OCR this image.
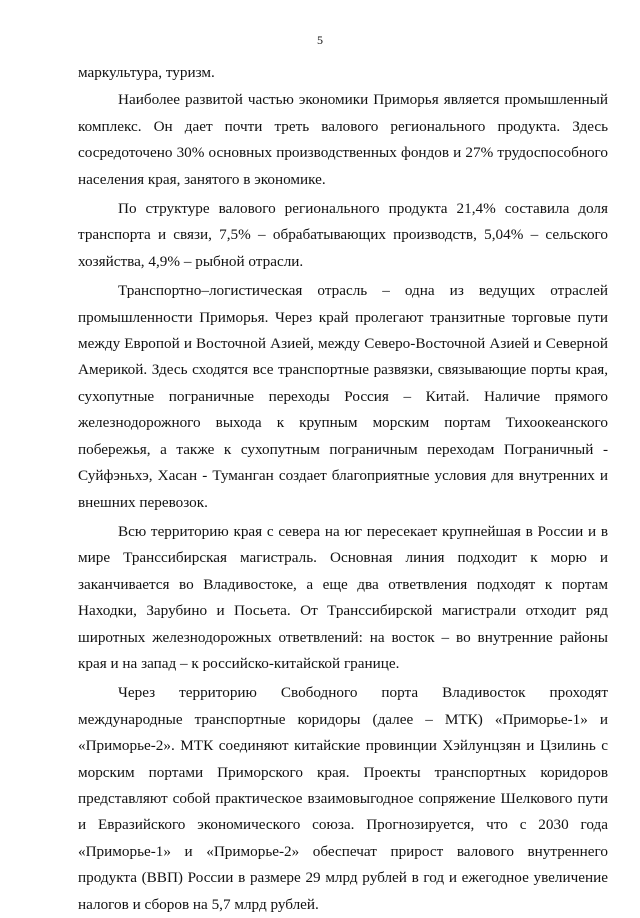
5

маркультура, туризм.

Наиболее развитой частью экономики Приморья является промышленный комплекс. Он дает почти треть валового регионального продукта. Здесь сосредоточено 30% основных производственных фондов и 27% трудоспособного населения края, занятого в экономике.

По структуре валового регионального продукта 21,4% составила доля транспорта и связи, 7,5% – обрабатывающих производств, 5,04% – сельского хозяйства, 4,9% – рыбной отрасли.

Транспортно–логистическая отрасль – одна из ведущих отраслей промышленности Приморья. Через край пролегают транзитные торговые пути между Европой и Восточной Азией, между Северо-Восточной Азией и Северной Америкой. Здесь сходятся все транспортные развязки, связывающие порты края, сухопутные пограничные переходы Россия – Китай. Наличие прямого железнодорожного выхода к крупным морским портам Тихоокеанского побережья, а также к сухопутным пограничным переходам Пограничный - Суйфэньхэ, Хасан - Туманган создает благоприятные условия для внутренних и внешних перевозок.

Всю территорию края с севера на юг пересекает крупнейшая в России и в мире Транссибирская магистраль. Основная линия подходит к морю и заканчивается во Владивостоке, а еще два ответвления подходят к портам Находки, Зарубино и Посьета. От Транссибирской магистрали отходит ряд широтных железнодорожных ответвлений: на восток – во внутренние районы края и на запад – к российско-китайской границе.

Через территорию Свободного порта Владивосток проходят международные транспортные коридоры (далее – МТК) «Приморье-1» и «Приморье-2». МТК соединяют китайские провинции Хэйлунцзян и Цзилинь с морским портами Приморского края. Проекты транспортных коридоров представляют собой практическое взаимовыгодное сопряжение Шелкового пути и Евразийского экономического союза. Прогнозируется, что с 2030 года «Приморье-1» и «Приморье-2» обеспечат прирост валового внутреннего продукта (ВВП) России в размере 29 млрд рублей в год и ежегодное увеличение налогов и сборов на 5,7 млрд рублей.
